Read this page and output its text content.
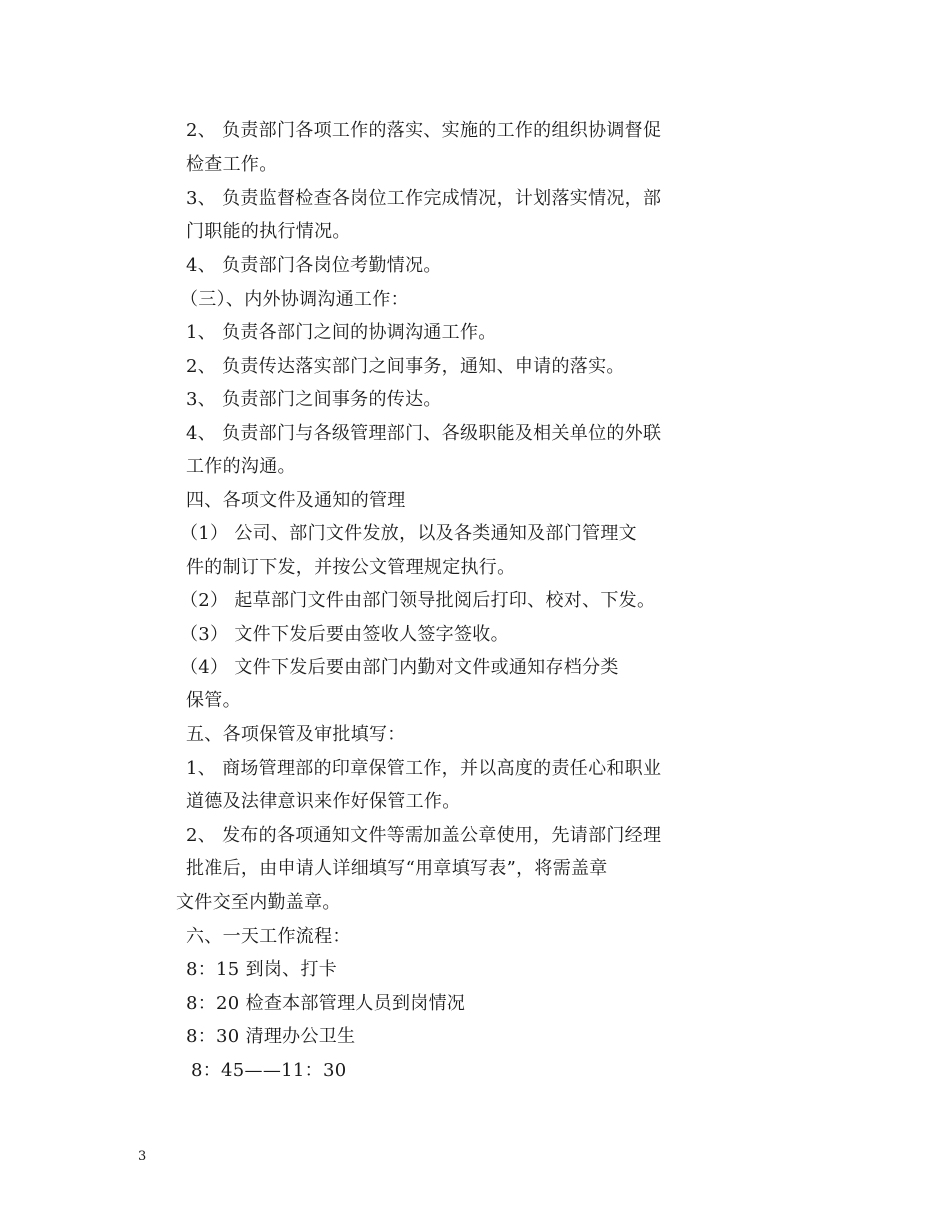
2、 负责部门各项工作的落实、实施的工作的组织协调督促
检查工作。
3、 负责监督检查各岗位工作完成情况，计划落实情况，部
门职能的执行情况。
4、 负责部门各岗位考勤情况。
（三）、内外协调沟通工作：
1、 负责各部门之间的协调沟通工作。
2、 负责传达落实部门之间事务，通知、申请的落实。
3、 负责部门之间事务的传达。
4、 负责部门与各级管理部门、各级职能及相关单位的外联
工作的沟通。
四、各项文件及通知的管理
（1） 公司、部门文件发放，以及各类通知及部门管理文
件的制订下发，并按公文管理规定执行。
（2） 起草部门文件由部门领导批阅后打印、校对、下发。
（3） 文件下发后要由签收人签字签收。
（4） 文件下发后要由部门内勤对文件或通知存档分类
保管。
五、各项保管及审批填写：
1、 商场管理部的印章保管工作，并以高度的责任心和职业
道德及法律意识来作好保管工作。
2、 发布的各项通知文件等需加盖公章使用，先请部门经理
批准后，由申请人详细填写“用章填写表”，将需盖章
文件交至内勤盖章。
六、一天工作流程：
8：15 到岗、打卡
8：20 检查本部管理人员到岗情况
8：30 清理办公卫生
8：45——11：30
3
